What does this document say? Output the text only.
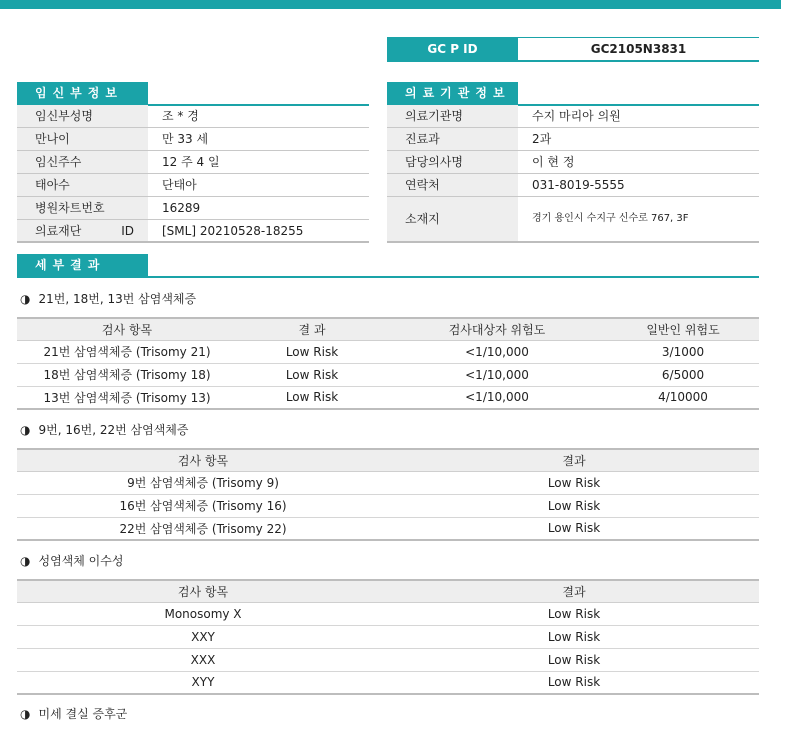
GC P ID	GC2105N3831
임신부정보	의료기관정보
임신부성명	조 * 경
만나이	만 33 세
임신주수	12 주 4 일
태아수	단태아
병원차트번호	16289
의료재단 ID	[SML] 20210528-18255
의료기관명	수지 마리아 의원
진료과	2과
담당의사명	이 현 정
연락처	031-8019-5555
소재지	경기 용인시 수지구 신수로 767, 3F
세부결과
◑ 21번, 18번, 13번 삼염색체증
검사 항목	결 과	검사대상자 위험도	일반인 위험도
21번 삼염색체증 (Trisomy 21)	Low Risk	<1/10,000	3/1000
18번 삼염색체증 (Trisomy 18)	Low Risk	<1/10,000	6/5000
13번 삼염색체증 (Trisomy 13)	Low Risk	<1/10,000	4/10000
◑ 9번, 16번, 22번 삼염색체증
검사 항목	결과
9번 삼염색체증 (Trisomy 9)	Low Risk
16번 삼염색체증 (Trisomy 16)	Low Risk
22번 삼염색체증 (Trisomy 22)	Low Risk
◑ 성염색체 이수성
검사 항목	결과
Monosomy X	Low Risk
XXY	Low Risk
XXX	Low Risk
XYY	Low Risk
◑ 미세 결실 증후군
